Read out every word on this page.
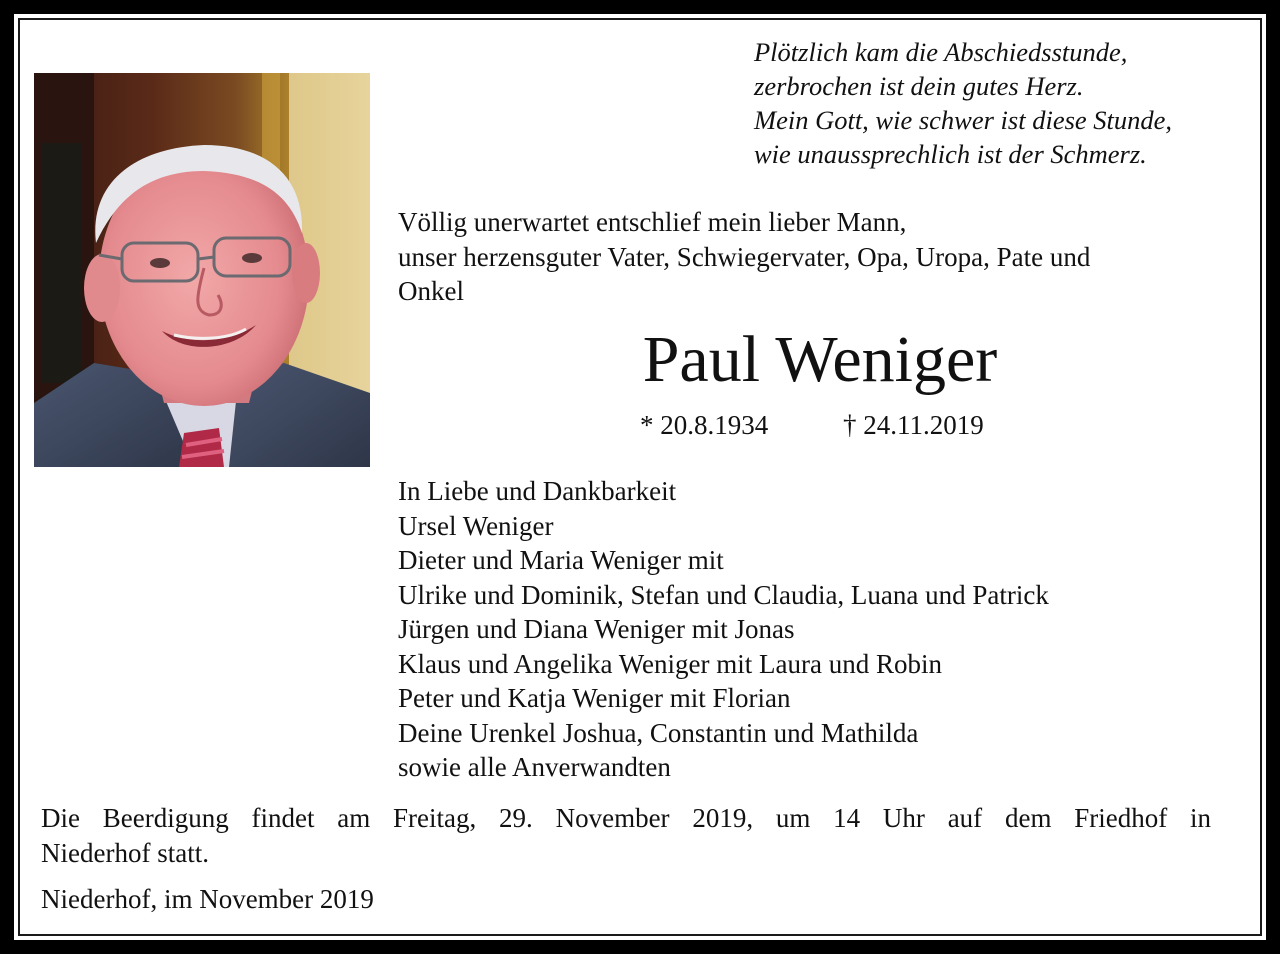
Plötzlich kam die Abschiedsstunde,
zerbrochen ist dein gutes Herz.
Mein Gott, wie schwer ist diese Stunde,
wie unaussprechlich ist der Schmerz.
Völlig unerwartet entschlief mein lieber Mann,
unser herzensguter Vater, Schwiegervater, Opa, Uropa, Pate und
Onkel
Paul Weniger
* 20.8.1934	† 24.11.2019
In Liebe und Dankbarkeit
Ursel Weniger
Dieter und Maria Weniger mit
Ulrike und Dominik, Stefan und Claudia, Luana und Patrick
Jürgen und Diana Weniger mit Jonas
Klaus und Angelika Weniger mit Laura und Robin
Peter und Katja Weniger mit Florian
Deine Urenkel Joshua, Constantin und Mathilda
sowie alle Anverwandten
Die Beerdigung findet am Freitag, 29. November 2019, um 14 Uhr auf dem Friedhof in
Niederhof statt.
Niederhof, im November 2019
